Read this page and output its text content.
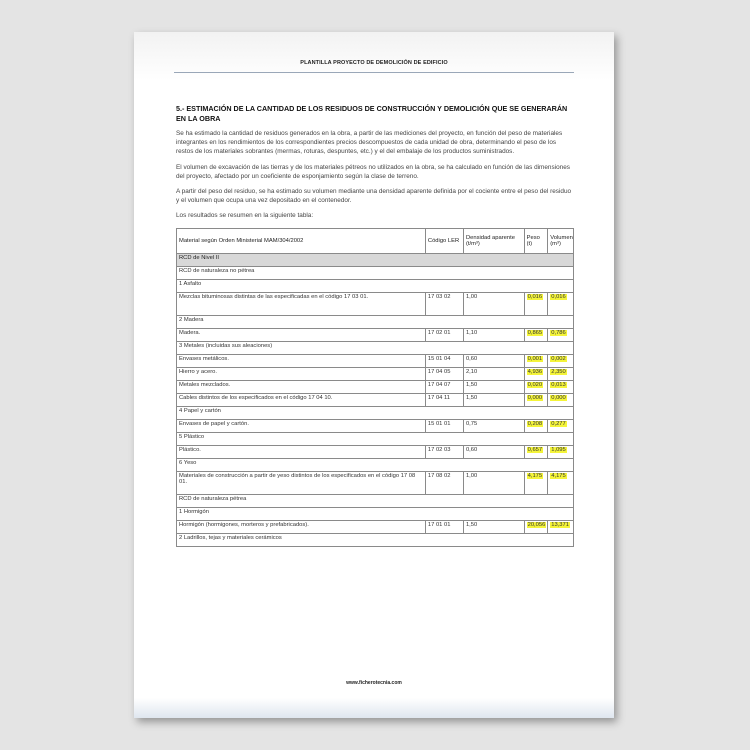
PLANTILLA PROYECTO DE DEMOLICIÓN DE EDIFICIO
5.- ESTIMACIÓN DE LA CANTIDAD DE LOS RESIDUOS DE CONSTRUCCIÓN Y DEMOLICIÓN QUE SE GENERARÁN EN LA OBRA

Se ha estimado la cantidad de residuos generados en la obra, a partir de las mediciones del proyecto, en función del peso de materiales integrantes en los rendimientos de los correspondientes precios descompuestos de cada unidad de obra, determinando el peso de los restos de los materiales sobrantes (mermas, roturas, despuntes, etc.) y el del embalaje de los productos suministrados.

El volumen de excavación de las tierras y de los materiales pétreos no utilizados en la obra, se ha calculado en función de las dimensiones del proyecto, afectado por un coeficiente de esponjamiento según la clase de terreno.

A partir del peso del residuo, se ha estimado su volumen mediante una densidad aparente definida por el cociente entre el peso del residuo y el volumen que ocupa una vez depositado en el contenedor.

Los resultados se resumen en la siguiente tabla:

Material según Orden Ministerial MAM/304/2002	Código LER	Densidad aparente (t/m³)	Peso (t)	Volumen (m³)
RCD de Nivel II				
RCD de naturaleza no pétrea				
1 Asfalto				
Mezclas bituminosas distintas de las especificadas en el código 17 03 01.	17 03 02	1,00	0,016	0,016
2 Madera				
Madera.	17 02 01	1,10	0,865	0,786
3 Metales (incluidas sus aleaciones)				
Envases metálicos.	15 01 04	0,60	0,001	0,002
Hierro y acero.	17 04 05	2,10	4,936	2,350
Metales mezclados.	17 04 07	1,50	0,020	0,013
Cables distintos de los especificados en el código 17 04 10.	17 04 11	1,50	0,000	0,000
4 Papel y cartón				
Envases de papel y cartón.	15 01 01	0,75	0,208	0,277
5 Plástico				
Plástico.	17 02 03	0,60	0,657	1,095
6 Yeso				
Materiales de construcción a partir de yeso distintos de los especificados en el código 17 08 01.	17 08 02	1,00	4,175	4,175
RCD de naturaleza pétrea				
1 Hormigón				
Hormigón (hormigones, morteros y prefabricados).	17 01 01	1,50	20,056	13,371
2 Ladrillos, tejas y materiales cerámicos				
www.ficherotecnia.com
